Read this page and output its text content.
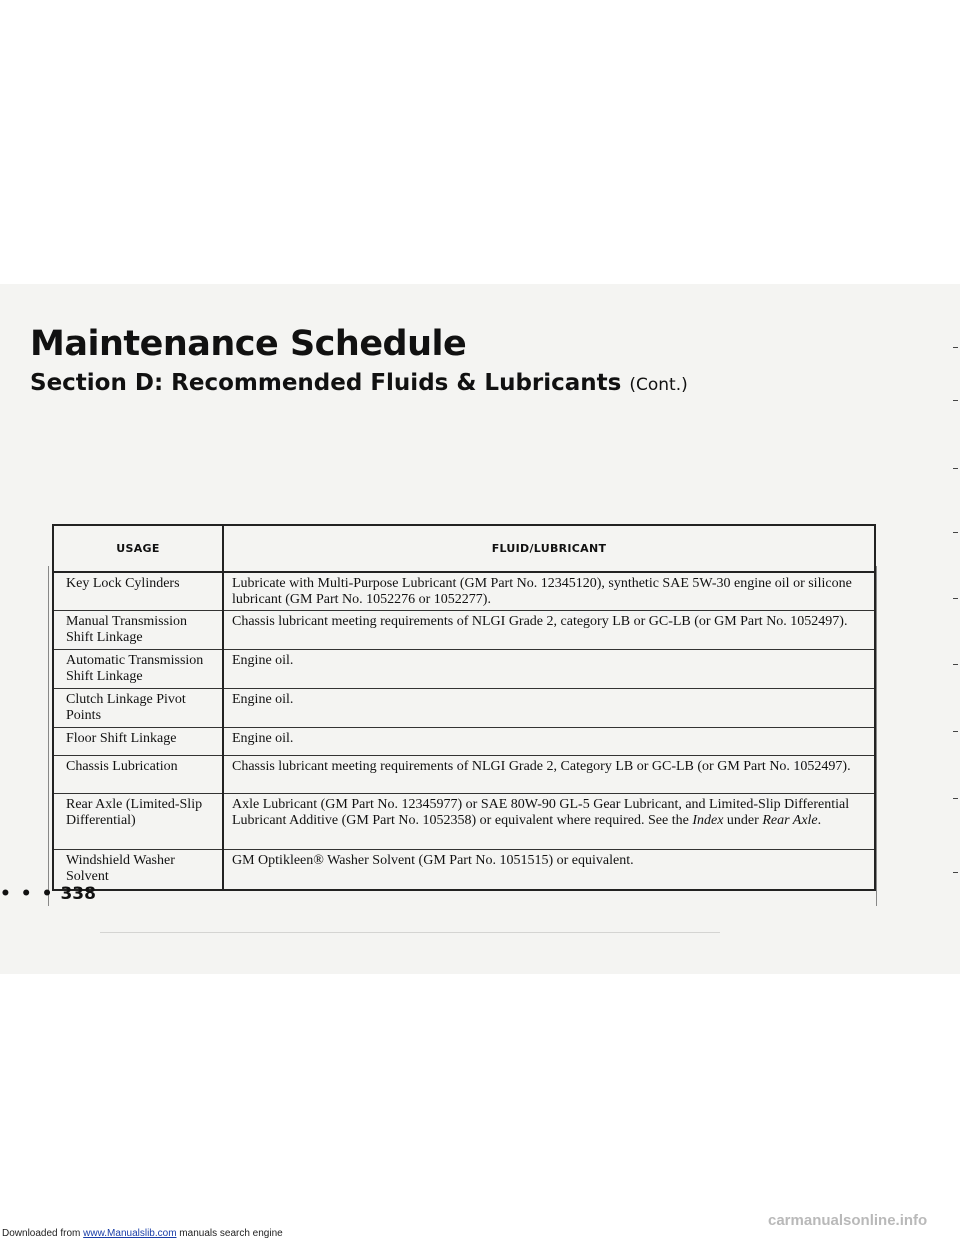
Maintenance Schedule
Section D: Recommended Fluids & Lubricants (Cont.)
USAGE	FLUID/LUBRICANT
Key Lock Cylinders	Lubricate with Multi-Purpose Lubricant (GM Part No. 12345120), synthetic SAE 5W-30 engine oil or silicone lubricant (GM Part No. 1052276 or 1052277).
Manual Transmission Shift Linkage	Chassis lubricant meeting requirements of NLGI Grade 2, category LB or GC-LB (or GM Part No. 1052497).
Automatic Transmission Shift Linkage	Engine oil.
Clutch Linkage Pivot Points	Engine oil.
Floor Shift Linkage	Engine oil.
Chassis Lubrication	Chassis lubricant meeting requirements of NLGI Grade 2, Category LB or GC-LB (or GM Part No. 1052497).
Rear Axle (Limited-Slip Differential)	Axle Lubricant (GM Part No. 12345977) or SAE 80W-90 GL-5 Gear Lubricant, and Limited-Slip Differential Lubricant Additive (GM Part No. 1052358) or equivalent where required. See the Index under Rear Axle.
Windshield Washer Solvent	GM Optikleen® Washer Solvent (GM Part No. 1051515) or equivalent.
• • • 338
Downloaded from www.Manualslib.com manuals search engine
carmanualsonline.info
